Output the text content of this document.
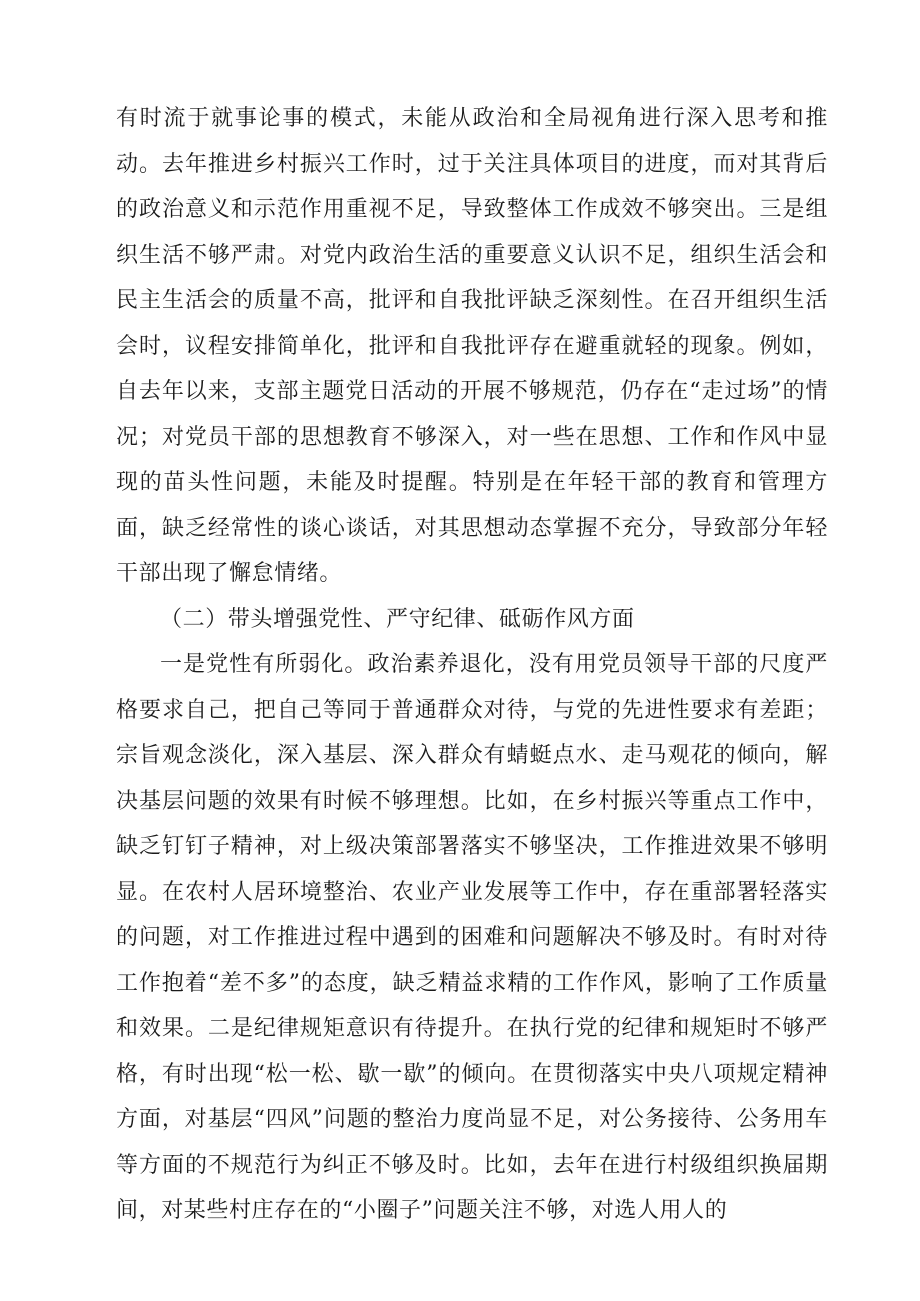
有时流于就事论事的模式，未能从政治和全局视角进行深入思考和推动。去年推进乡村振兴工作时，过于关注具体项目的进度，而对其背后的政治意义和示范作用重视不足，导致整体工作成效不够突出。三是组织生活不够严肃。对党内政治生活的重要意义认识不足，组织生活会和民主生活会的质量不高，批评和自我批评缺乏深刻性。在召开组织生活会时，议程安排简单化，批评和自我批评存在避重就轻的现象。例如，自去年以来，支部主题党日活动的开展不够规范，仍存在“走过场”的情况；对党员干部的思想教育不够深入，对一些在思想、工作和作风中显现的苗头性问题，未能及时提醒。特别是在年轻干部的教育和管理方面，缺乏经常性的谈心谈话，对其思想动态掌握不充分，导致部分年轻干部出现了懈怠情绪。

（二）带头增强党性、严守纪律、砥砺作风方面

一是党性有所弱化。政治素养退化，没有用党员领导干部的尺度严格要求自己，把自己等同于普通群众对待，与党的先进性要求有差距；宗旨观念淡化，深入基层、深入群众有蜻蜓点水、走马观花的倾向，解决基层问题的效果有时候不够理想。比如，在乡村振兴等重点工作中，缺乏钉钉子精神，对上级决策部署落实不够坚决，工作推进效果不够明显。在农村人居环境整治、农业产业发展等工作中，存在重部署轻落实的问题，对工作推进过程中遇到的困难和问题解决不够及时。有时对待工作抱着“差不多”的态度，缺乏精益求精的工作作风，影响了工作质量和效果。二是纪律规矩意识有待提升。在执行党的纪律和规矩时不够严格，有时出现“松一松、歇一歇”的倾向。在贯彻落实中央八项规定精神方面，对基层“四风”问题的整治力度尚显不足，对公务接待、公务用车等方面的不规范行为纠正不够及时。比如，去年在进行村级组织换届期间，对某些村庄存在的“小圈子”问题关注不够，对选人用人的
